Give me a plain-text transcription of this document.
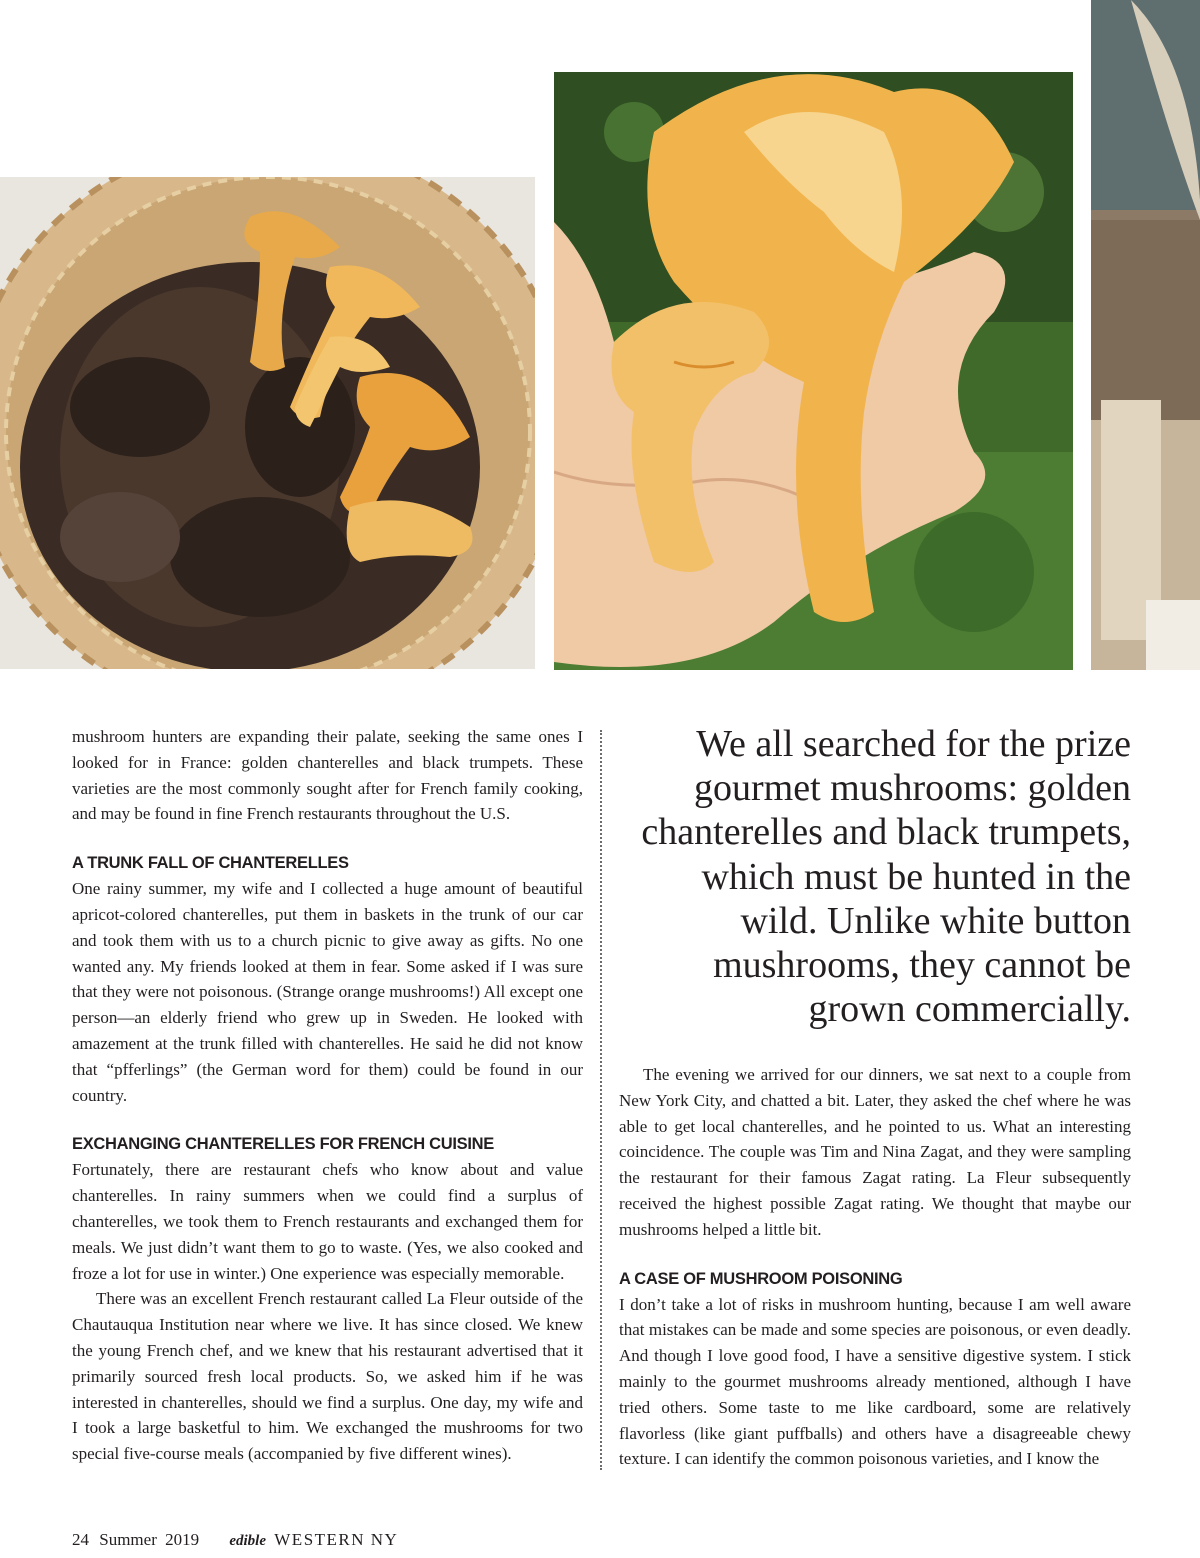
mushroom hunters are expanding their palate, seeking the same ones I looked for in France: golden chanterelles and black trumpets. These varieties are the most commonly sought after for French family cooking, and may be found in fine French restaurants throughout the U.S.

A TRUNK FALL OF CHANTERELLES

One rainy summer, my wife and I collected a huge amount of beautiful apricot-colored chanterelles, put them in baskets in the trunk of our car and took them with us to a church picnic to give away as gifts. No one wanted any. My friends looked at them in fear. Some asked if I was sure that they were not poisonous. (Strange orange mushrooms!) All except one person—an elderly friend who grew up in Sweden. He looked with amazement at the trunk filled with chanterelles. He said he did not know that “pfferlings” (the German word for them) could be found in our country.

EXCHANGING CHANTERELLES FOR FRENCH CUISINE

Fortunately, there are restaurant chefs who know about and value chanterelles. In rainy summers when we could find a surplus of chanterelles, we took them to French restaurants and exchanged them for meals. We just didn’t want them to go to waste. (Yes, we also cooked and froze a lot for use in winter.) One experience was especially memorable.

There was an excellent French restaurant called La Fleur outside of the Chautauqua Institution near where we live. It has since closed. We knew the young French chef, and we knew that his restaurant advertised that it primarily sourced fresh local products. So, we asked him if he was interested in chanterelles, should we find a surplus. One day, my wife and I took a large basketful to him. We exchanged the mushrooms for two special five-course meals (accompanied by five different wines).

We all searched for the prize gourmet mushrooms: golden chanterelles and black trumpets, which must be hunted in the wild. Unlike white button mushrooms, they cannot be grown commercially.

The evening we arrived for our dinners, we sat next to a couple from New York City, and chatted a bit. Later, they asked the chef where he was able to get local chanterelles, and he pointed to us. What an interesting coincidence. The couple was Tim and Nina Zagat, and they were sampling the restaurant for their famous Zagat rating. La Fleur subsequently received the highest possible Zagat rating. We thought that maybe our mushrooms helped a little bit.

A CASE OF MUSHROOM POISONING

I don’t take a lot of risks in mushroom hunting, because I am well aware that mistakes can be made and some species are poisonous, or even deadly. And though I love good food, I have a sensitive digestive system. I stick mainly to the gourmet mushrooms already mentioned, although I have tried others. Some taste to me like cardboard, some are relatively flavorless (like giant puffballs) and others have a disagreeable chewy texture. I can identify the common poisonous varieties, and I know the

24 Summer 2019 edible WESTERN NY
